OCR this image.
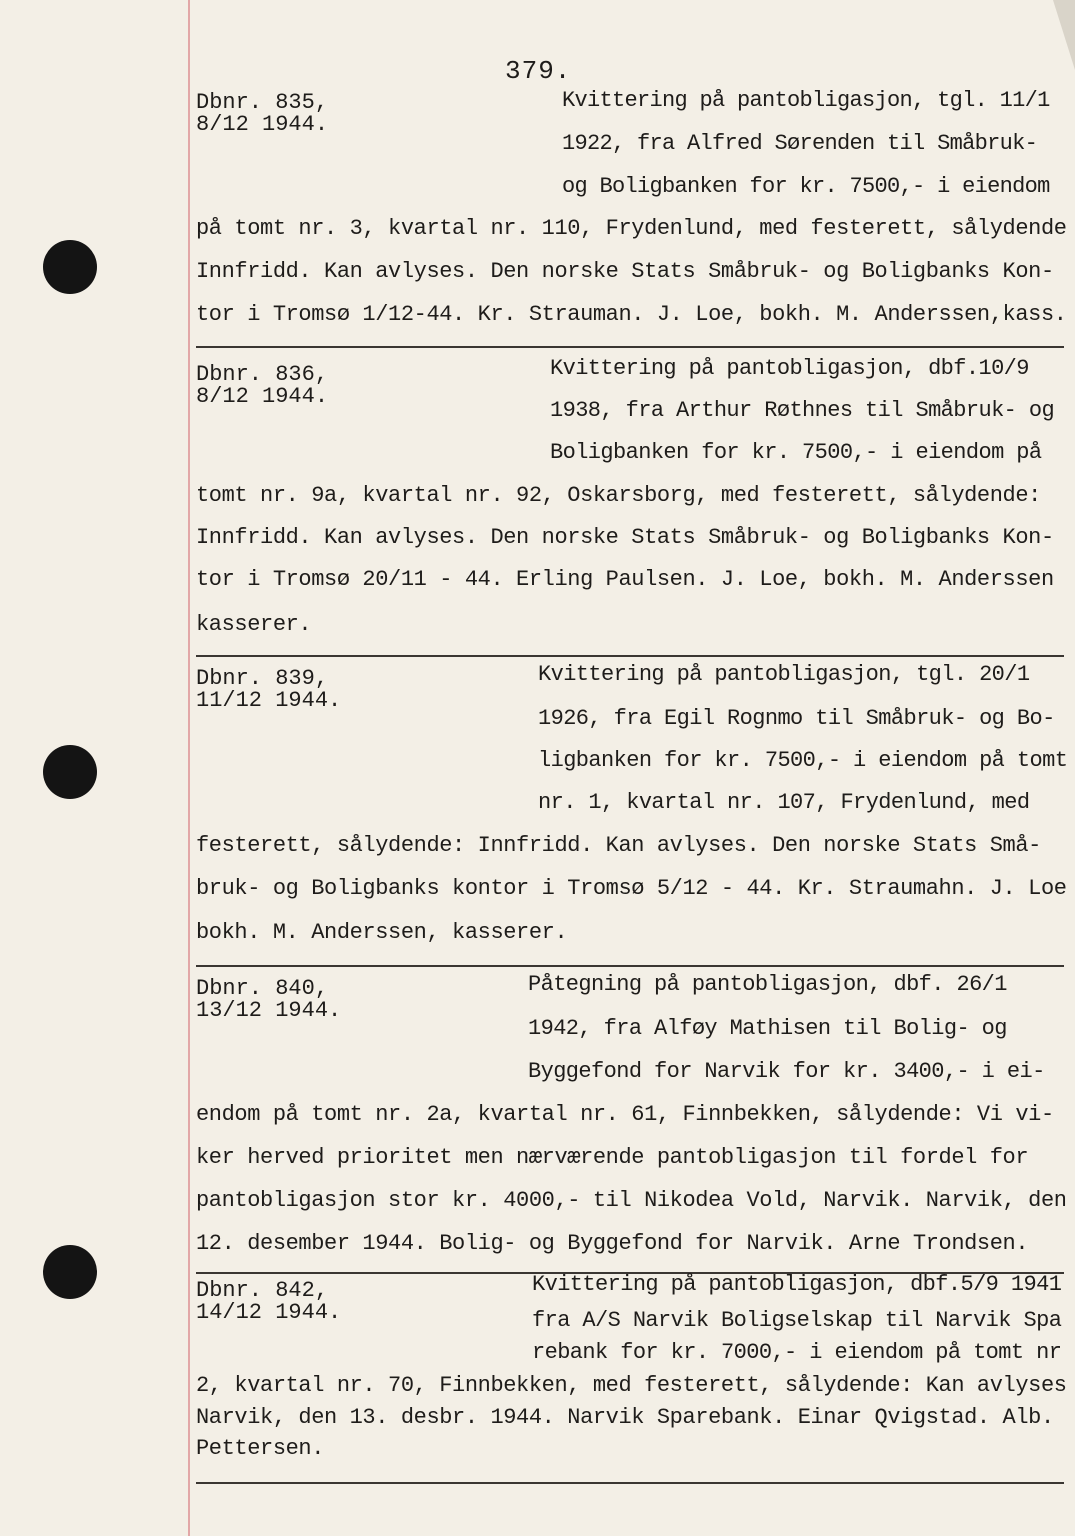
379.
Dbnr. 835,
8/12 1944.
Kvittering på pantobligasjon, tgl. 11/1
1922, fra Alfred Sørenden til Småbruk-
og Boligbanken for kr. 7500,- i eiendom
på tomt nr. 3, kvartal nr. 110, Frydenlund, med festerett, sålydende
Innfridd. Kan avlyses. Den norske Stats Småbruk- og Boligbanks Kon-
tor i Tromsø 1/12-44. Kr. Strauman. J. Loe, bokh. M. Anderssen,kass.
Dbnr. 836,
8/12 1944.
Kvittering på pantobligasjon, dbf.10/9
1938, fra Arthur Røthnes til Småbruk- og
Boligbanken for kr. 7500,- i eiendom på
tomt nr. 9a, kvartal nr. 92, Oskarsborg, med festerett, sålydende:
Innfridd. Kan avlyses. Den norske Stats Småbruk- og Boligbanks Kon-
tor i Tromsø 20/11 - 44. Erling Paulsen. J. Loe, bokh. M. Anderssen
kasserer.
Dbnr. 839,
11/12 1944.
Kvittering på pantobligasjon, tgl. 20/1
1926, fra Egil Rognmo til Småbruk- og Bo-
ligbanken for kr. 7500,- i eiendom på tomt
nr. 1, kvartal nr. 107, Frydenlund, med
festerett, sålydende: Innfridd. Kan avlyses. Den norske Stats Små-
bruk- og Boligbanks kontor i Tromsø 5/12 - 44. Kr. Straumahn. J. Loe
bokh. M. Anderssen, kasserer.
Dbnr. 840,
13/12 1944.
Påtegning på pantobligasjon, dbf. 26/1
1942, fra Alføy Mathisen til Bolig- og
Byggefond for Narvik for kr. 3400,- i ei-
endom på tomt nr. 2a, kvartal nr. 61, Finnbekken, sålydende: Vi vi-
ker herved prioritet men nærværende pantobligasjon til fordel for
pantobligasjon stor kr. 4000,- til Nikodea Vold, Narvik. Narvik, den
12. desember 1944. Bolig- og Byggefond for Narvik. Arne Trondsen.
Dbnr. 842,
14/12 1944.
Kvittering på pantobligasjon, dbf.5/9 1941
fra A/S Narvik Boligselskap til Narvik Spa
rebank for kr. 7000,- i eiendom på tomt nr
2, kvartal nr. 70, Finnbekken, med festerett, sålydende: Kan avlyses
Narvik, den 13. desbr. 1944. Narvik Sparebank. Einar Qvigstad. Alb.
Pettersen.
